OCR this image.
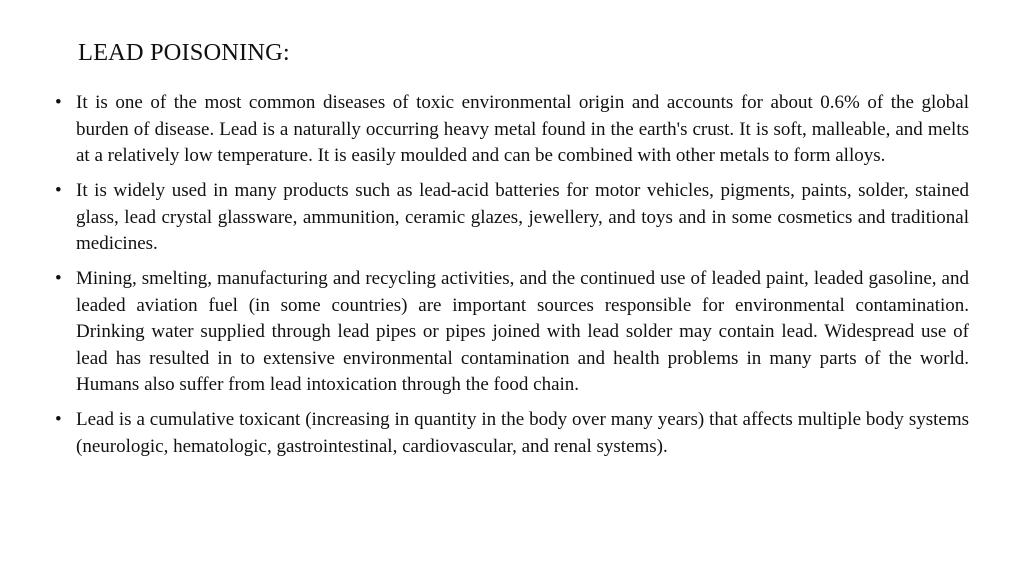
LEAD POISONING:
• It is one of the most common diseases of toxic environmental origin and accounts for about 0.6% of the global burden of disease. Lead is a naturally occurring heavy metal found in the earth's crust. It is soft, malleable, and melts at a relatively low temperature. It is easily moulded and can be combined with other metals to form alloys.
• It is widely used in many products such as lead-acid batteries for motor vehicles, pigments, paints, solder, stained glass, lead crystal glassware, ammunition, ceramic glazes, jewellery, and toys and in some cosmetics and traditional medicines.
• Mining, smelting, manufacturing and recycling activities, and the continued use of leaded paint, leaded gasoline, and leaded aviation fuel (in some countries) are important sources responsible for environmental contamination. Drinking water supplied through lead pipes or pipes joined with lead solder may contain lead. Widespread use of lead has resulted in to extensive environmental contamination and health problems in many parts of the world. Humans also suffer from lead intoxication through the food chain.
• Lead is a cumulative toxicant (increasing in quantity in the body over many years) that affects multiple body systems (neurologic, hematologic, gastrointestinal, cardiovascular, and renal systems).
